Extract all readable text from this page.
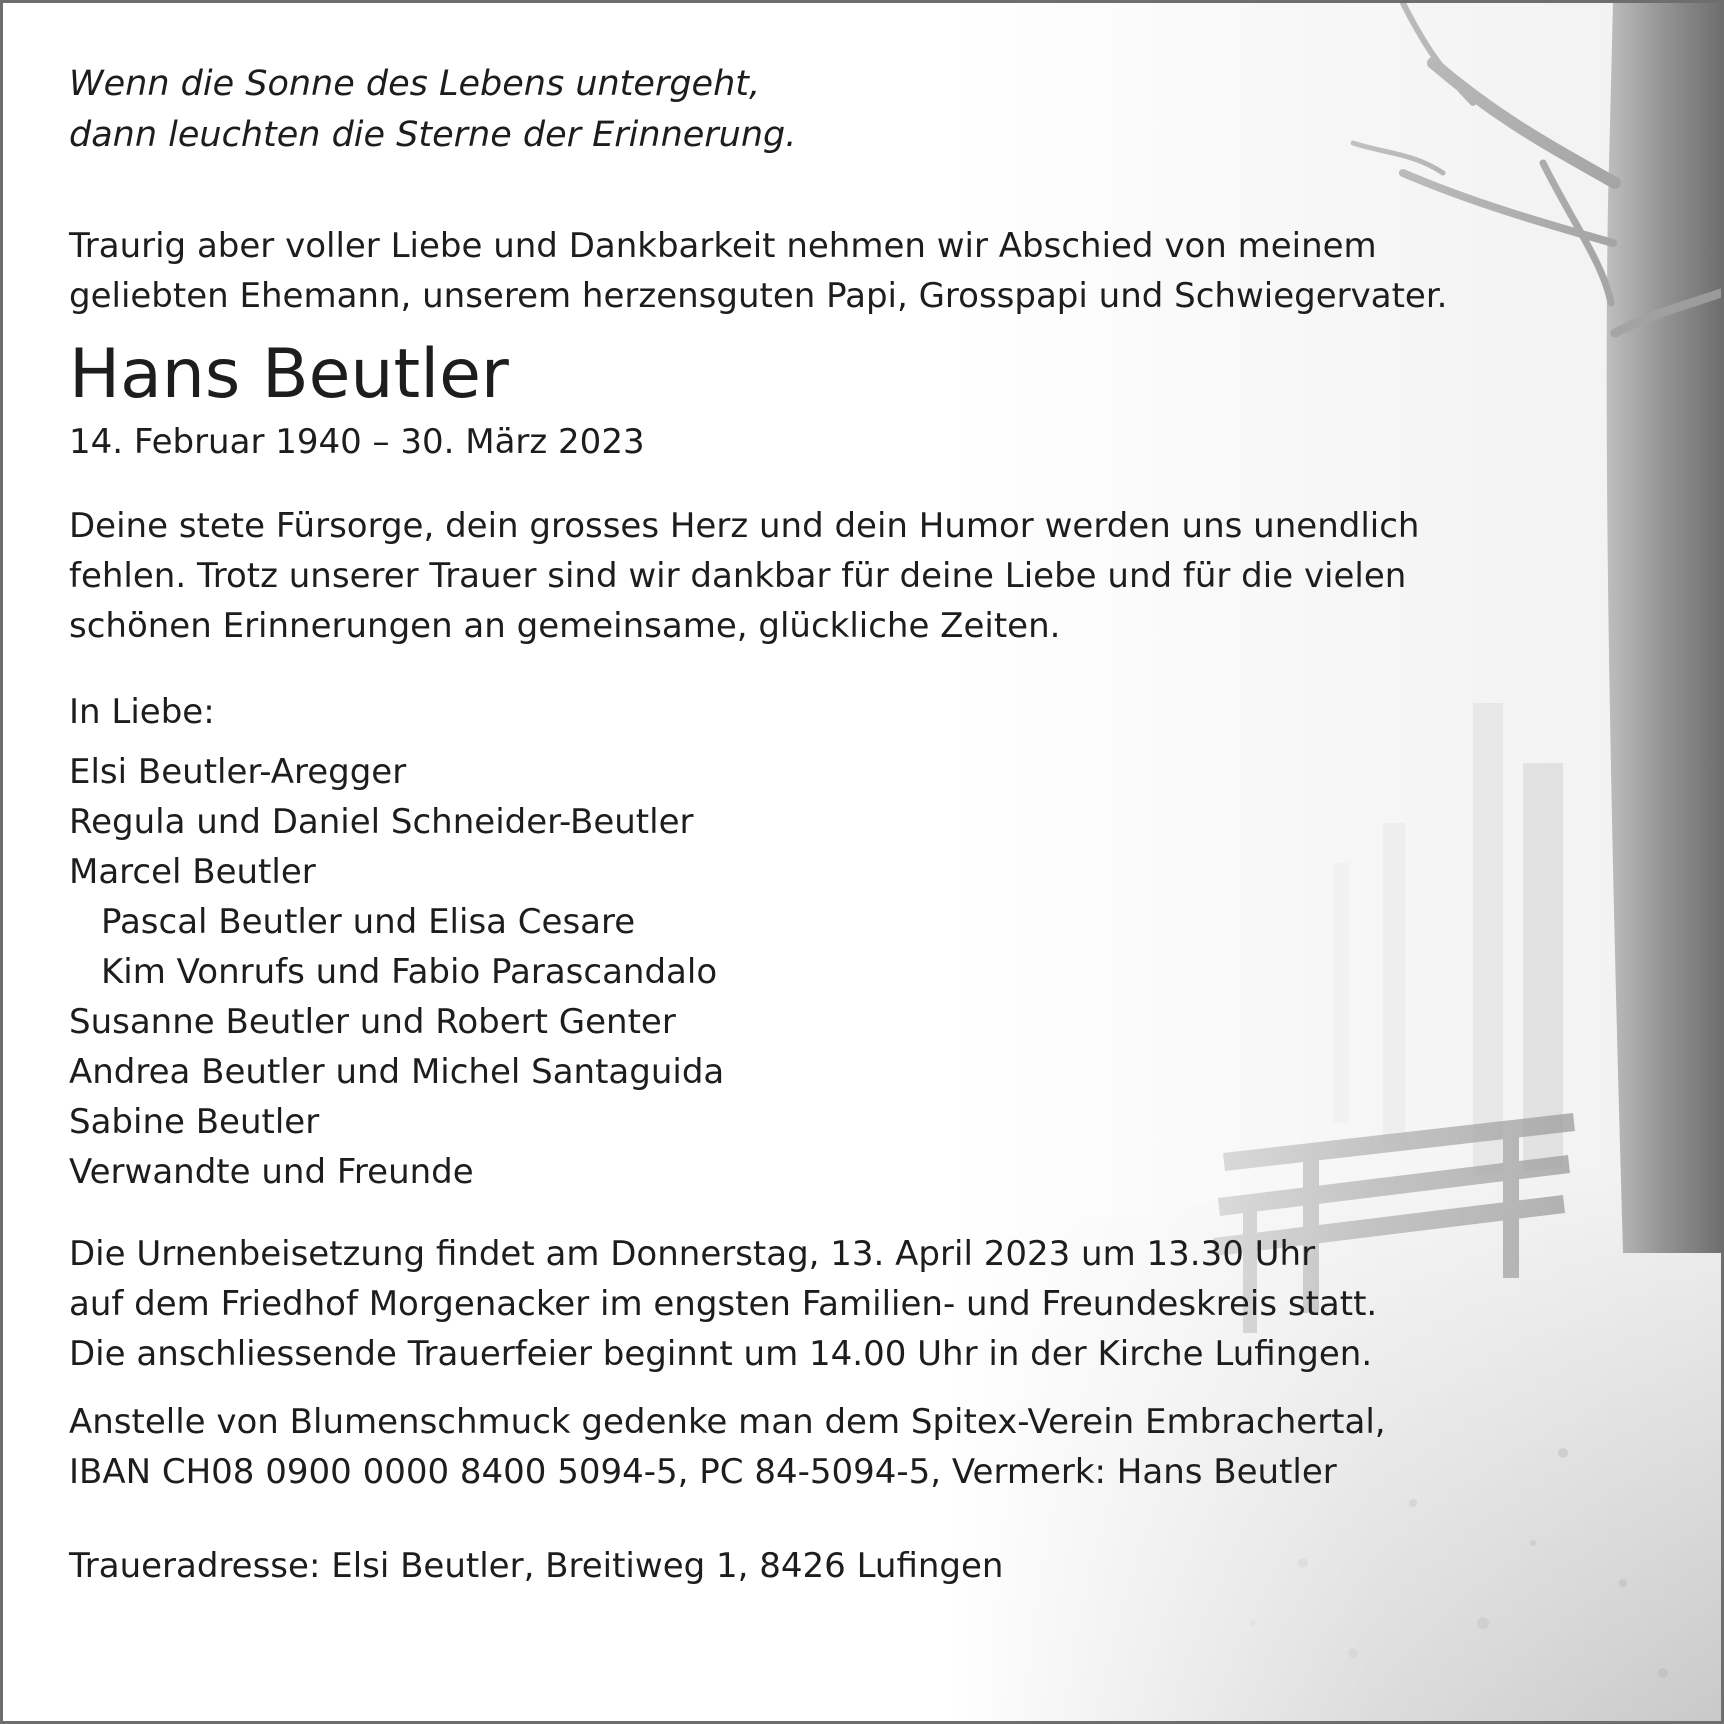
Wenn die Sonne des Lebens untergeht,
dann leuchten die Sterne der Erinnerung.

Traurig aber voller Liebe und Dankbarkeit nehmen wir Abschied von meinem
geliebten Ehemann, unserem herzensguten Papi, Grosspapi und Schwiegervater.

Hans Beutler

14. Februar 1940 – 30. März 2023

Deine stete Fürsorge, dein grosses Herz und dein Humor werden uns unendlich
fehlen. Trotz unserer Trauer sind wir dankbar für deine Liebe und für die vielen
schönen Erinnerungen an gemeinsame, glückliche Zeiten.

In Liebe:

Elsi Beutler-Aregger
Regula und Daniel Schneider-Beutler
Marcel Beutler
Pascal Beutler und Elisa Cesare
Kim Vonrufs und Fabio Parascandalo
Susanne Beutler und Robert Genter
Andrea Beutler und Michel Santaguida
Sabine Beutler
Verwandte und Freunde

Die Urnenbeisetzung findet am Donnerstag, 13. April 2023 um 13.30 Uhr
auf dem Friedhof Morgenacker im engsten Familien- und Freundeskreis statt.
Die anschliessende Trauerfeier beginnt um 14.00 Uhr in der Kirche Lufingen.

Anstelle von Blumenschmuck gedenke man dem Spitex-Verein Embrachertal,
IBAN CH08 0900 0000 8400 5094-5, PC 84-5094-5, Vermerk: Hans Beutler

Traueradresse: Elsi Beutler, Breitiweg 1, 8426 Lufingen
